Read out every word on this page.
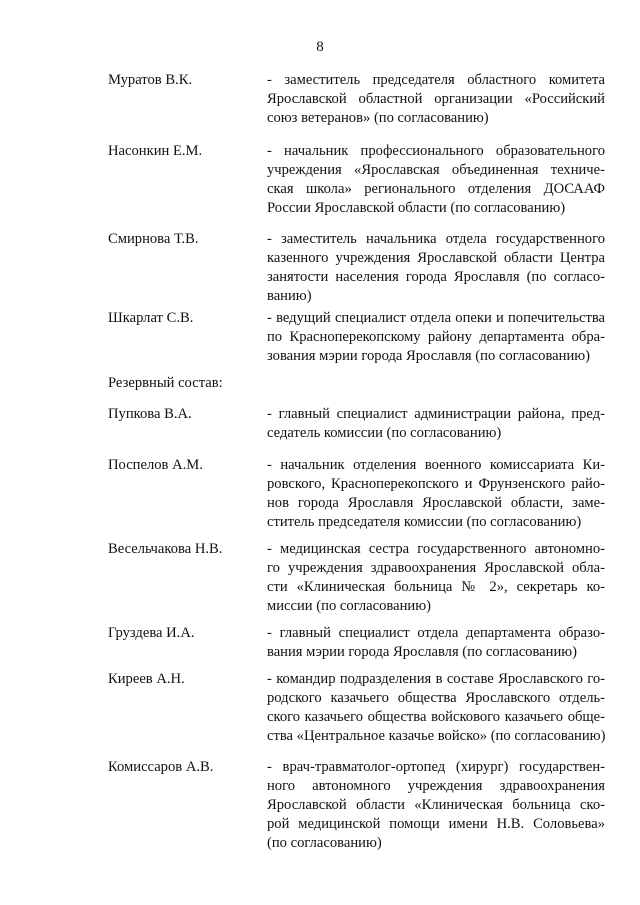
8
Муратов В.К.	- заместитель председателя областного комитета
Ярославской областной организации «Российский
союз ветеранов» (по согласованию)
Насонкин Е.М.	- начальник профессионального образовательного
учреждения «Ярославская объединенная техниче-
ская школа» регионального отделения ДОСААФ
России Ярославской области (по согласованию)
Смирнова Т.В.	- заместитель начальника отдела государственного
казенного учреждения Ярославской области Центра
занятости населения города Ярославля (по согласо-
ванию)
Шкарлат С.В.	- ведущий специалист отдела опеки и попечительства
по Красноперекопскому району департамента обра-
зования мэрии города Ярославля (по согласованию)
Резервный состав:
Пупкова В.А.	- главный специалист администрации района, пред-
седатель комиссии (по согласованию)
Поспелов А.М.	- начальник отделения военного комиссариата Ки-
ровского, Красноперекопского и Фрунзенского райо-
нов города Ярославля Ярославской области, заме-
ститель председателя комиссии (по согласованию)
Весельчакова Н.В.	- медицинская сестра государственного автономно-
го учреждения здравоохранения Ярославской обла-
сти «Клиническая больница № 2», секретарь ко-
миссии (по согласованию)
Груздева И.А.	- главный специалист отдела департамента образо-
вания мэрии города Ярославля (по согласованию)
Киреев А.Н.	- командир подразделения в составе Ярославского го-
родского казачьего общества Ярославского отдель-
ского казачьего общества войскового казачьего обще-
ства «Центральное казачье войско» (по согласованию)
Комиссаров А.В.	- врач-травматолог-ортопед (хирург) государствен-
ного автономного учреждения здравоохранения
Ярославской области «Клиническая больница ско-
рой медицинской помощи имени Н.В. Соловьева»
(по согласованию)
